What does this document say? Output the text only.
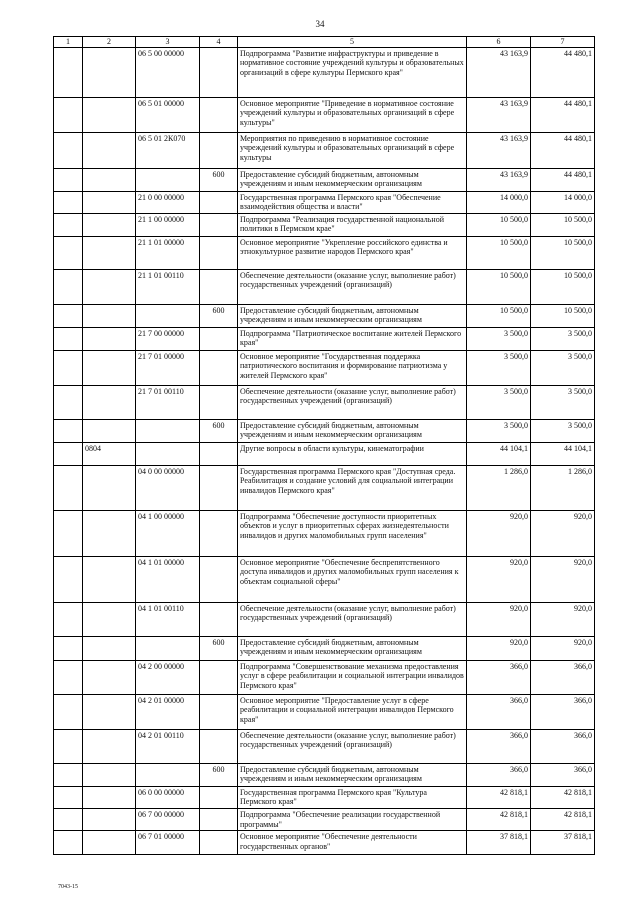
34
1	2	3	4	5	6	7
		06 5 00 00000		Подпрограмма "Развитие инфраструктуры и приведение в нормативное состояние учреждений культуры и образовательных организаций в сфере культуры Пермского края"	43 163,9	44 480,1
		06 5 01 00000		Основное мероприятие "Приведение в нормативное состояние учреждений культуры и образовательных организаций в сфере культуры"	43 163,9	44 480,1
		06 5 01 2К070		Мероприятия по приведению в нормативное состояние учреждений культуры и образовательных организаций в сфере культуры	43 163,9	44 480,1
			600	Предоставление субсидий бюджетным, автономным учреждениям и иным некоммерческим организациям	43 163,9	44 480,1
		21 0 00 00000		Государственная программа Пермского края "Обеспечение взаимодействия общества и власти"	14 000,0	14 000,0
		21 1 00 00000		Подпрограмма "Реализация государственной национальной политики в Пермском крае"	10 500,0	10 500,0
		21 1 01 00000		Основное мероприятие "Укрепление российского единства и этнокультурное развитие народов Пермского края"	10 500,0	10 500,0
		21 1 01 00110		Обеспечение деятельности (оказание услуг, выполнение работ) государственных учреждений (организаций)	10 500,0	10 500,0
			600	Предоставление субсидий бюджетным, автономным учреждениям и иным некоммерческим организациям	10 500,0	10 500,0
		21 7 00 00000		Подпрограмма "Патриотическое воспитание жителей Пермского края"	3 500,0	3 500,0
		21 7 01 00000		Основное мероприятие "Государственная поддержка патриотического воспитания и формирование патриотизма у жителей Пермского края"	3 500,0	3 500,0
		21 7 01 00110		Обеспечение деятельности (оказание услуг, выполнение работ) государственных учреждений (организаций)	3 500,0	3 500,0
			600	Предоставление субсидий бюджетным, автономным учреждениям и иным некоммерческим организациям	3 500,0	3 500,0
	0804			Другие вопросы в области культуры, кинематографии	44 104,1	44 104,1
		04 0 00 00000		Государственная программа Пермского края "Доступная среда. Реабилитация и создание условий для социальной интеграции инвалидов Пермского края"	1 286,0	1 286,0
		04 1 00 00000		Подпрограмма "Обеспечение доступности приоритетных объектов и услуг в приоритетных сферах жизнедеятельности инвалидов и других маломобильных групп населения"	920,0	920,0
		04 1 01 00000		Основное мероприятие "Обеспечение беспрепятственного доступа инвалидов и других маломобильных групп населения к объектам социальной сферы"	920,0	920,0
		04 1 01 00110		Обеспечение деятельности (оказание услуг, выполнение работ) государственных учреждений (организаций)	920,0	920,0
			600	Предоставление субсидий бюджетным, автономным учреждениям и иным некоммерческим организациям	920,0	920,0
		04 2 00 00000		Подпрограмма "Совершенствование механизма предоставления услуг в сфере реабилитации и социальной интеграции инвалидов Пермского края"	366,0	366,0
		04 2 01 00000		Основное мероприятие "Предоставление услуг в сфере реабилитации и социальной интеграции инвалидов Пермского края"	366,0	366,0
		04 2 01 00110		Обеспечение деятельности (оказание услуг, выполнение работ) государственных учреждений (организаций)	366,0	366,0
			600	Предоставление субсидий бюджетным, автономным учреждениям и иным некоммерческим организациям	366,0	366,0
		06 0 00 00000		Государственная программа Пермского края "Культура Пермского края"	42 818,1	42 818,1
		06 7 00 00000		Подпрограмма "Обеспечение реализации государственной программы"	42 818,1	42 818,1
		06 7 01 00000		Основное мероприятие "Обеспечение деятельности государственных органов"	37 818,1	37 818,1
7043-15
